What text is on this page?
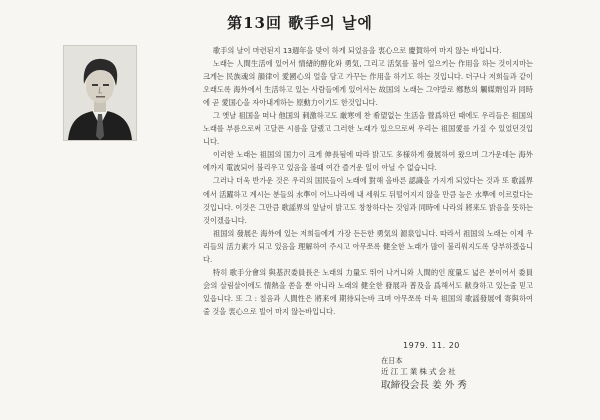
第13回 歌手의 날에

歌手의 날이 마련된지 13週年을 맞이 하게 되었음을 衷心으로 慶賀하여 마지 않는 바입니다.

노래는 人間生活에 있어서 情緖的醇化와 勇気, 그리고 活気를 불어 일으키는 作用을 하는 것이지마는 크게는 民族魂의 韻律이 愛國心의 얼을 담고 가꾸는 作用을 하기도 하는 것입니다. 더구나 저희들과 같이 오래도록 海外에서 生活하고 있는 사람들에게 있어서는 故国의 노래는 그야말로 鄕愁의 觸媒劑임과 同時에 곧 愛国心을 자아내게하는 原動力이기도 한것입니다.

그 옛날 祖国을 떠나 他国의 刺激하고도 厳寒에 찬 希望없는 生活을 營爲하던 때에도 우리들은 祖国의 노래를 부름으로써 고달픈 시름을 달랬고 그러한 노래가 있으므로써 우리는 祖国愛를 가질 수 있었던것입니다.

이러한 노래는 祖国의 国力이 크게 伸長됨에 따라 밝고도 多様하게 發展하여 왔으며 그가운데는 海外에까지 電波되어 불리우고 있음을 볼때 여간 즐거운 일이 아닐 수 없습니다.

그러나 더욱 반가운 것은 우리의 国民들이 노래에 對해 올바른 認識을 가지게 되었다는 것과 또 歌謡界에서 活躍하고 계시는 분들의 水準이 어느나라에 내 세워도 뒤떨어지지 않을 만큼 높은 水準에 이르렀다는 것입니다. 이것은 그만큼 歌謡界의 앞날이 밝고도 창창하다는 것임과 同時에 나라의 將来도 밝음을 뜻하는 것이겠읍니다.

祖国의 發展은 海外에 있는 저희들에게 가장 든든한 勇気의 源泉입니다. 따라서 祖国의 노래는 이제 우리들의 活力素가 되고 있음을 理解하여 주시고 아무쪼록 健全한 노래가 많이 불리워지도록 당부하겠읍니다.

特히 歌手分會의 與基沢委員長은 노래의 力量도 뛰어 나거니와 人間的인 度量도 넓은 분이어서 委員会의 살림살이에도 情熱을 쏟을 뿐 아니라 노래의 健全한 發展과 普及을 爲해서도 献身하고 있는줄 믿고 있읍니다. 또 그 : 칠음과 人間性은 將来에 期待되는바 크며 아무쪼록 더욱 祖国의 歌謡發展에 寄與하여 줄 것을 衷心으로 빌어 마지 않는바입니다.

1979. 11. 20
在日本
近江工業株式会社
取締役会長 姜 外 秀
